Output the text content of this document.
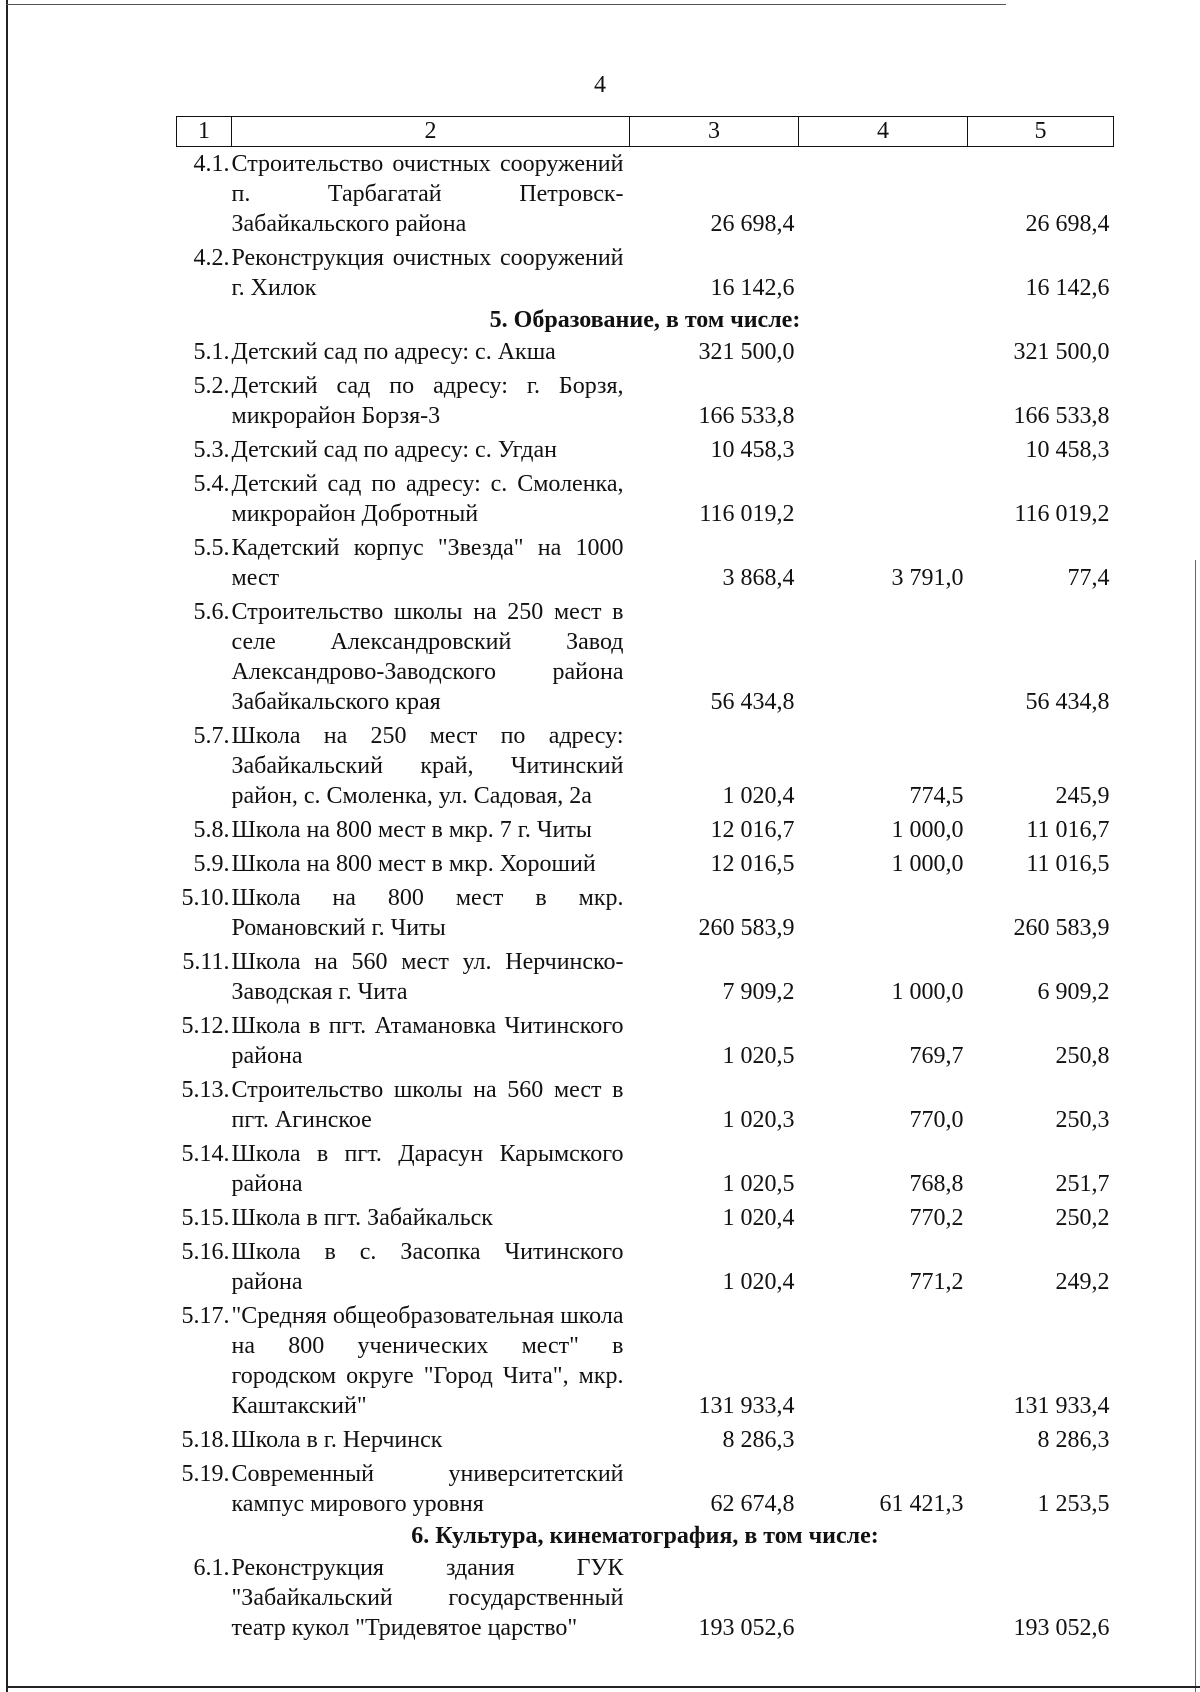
4
1	2	3	4	5
4.1.	Строительство очистных сооружений п. Тарбагатай Петровск-Забайкальского района	26 698,4		26 698,4
4.2.	Реконструкция очистных сооружений г. Хилок	16 142,6		16 142,6
5. Образование, в том числе:				
5.1.	Детский сад по адресу: с. Акша	321 500,0		321 500,0
5.2.	Детский сад по адресу: г. Борзя, микрорайон Борзя-3	166 533,8		166 533,8
5.3.	Детский сад по адресу: с. Угдан	10 458,3		10 458,3
5.4.	Детский сад по адресу: с. Смоленка, микрорайон Добротный	116 019,2		116 019,2
5.5.	Кадетский корпус "Звезда" на 1000 мест	3 868,4	3 791,0	77,4
5.6.	Строительство школы на 250 мест в селе Александровский Завод Александрово-Заводского района Забайкальского края	56 434,8		56 434,8
5.7.	Школа на 250 мест по адресу: Забайкальский край, Читинский район, с. Смоленка, ул. Садовая, 2а	1 020,4	774,5	245,9
5.8.	Школа на 800 мест в мкр. 7 г. Читы	12 016,7	1 000,0	11 016,7
5.9.	Школа на 800 мест в мкр. Хороший	12 016,5	1 000,0	11 016,5
5.10.	Школа на 800 мест в мкр. Романовский г. Читы	260 583,9		260 583,9
5.11.	Школа на 560 мест ул. Нерчинско-Заводская г. Чита	7 909,2	1 000,0	6 909,2
5.12.	Школа в пгт. Атамановка Читинского района	1 020,5	769,7	250,8
5.13.	Строительство школы на 560 мест в пгт. Агинское	1 020,3	770,0	250,3
5.14.	Школа в пгт. Дарасун Карымского района	1 020,5	768,8	251,7
5.15.	Школа в пгт. Забайкальск	1 020,4	770,2	250,2
5.16.	Школа в с. Засопка Читинского района	1 020,4	771,2	249,2
5.17.	"Средняя общеобразовательная школа на 800 ученических мест" в городском округе "Город Чита", мкр. Каштакский"	131 933,4		131 933,4
5.18.	Школа в г. Нерчинск	8 286,3		8 286,3
5.19.	Современный университетский кампус мирового уровня	62 674,8	61 421,3	1 253,5
6. Культура, кинематография, в том числе:				
6.1.	Реконструкция здания ГУК "Забайкальский государственный театр кукол "Тридевятое царство"	193 052,6		193 052,6
